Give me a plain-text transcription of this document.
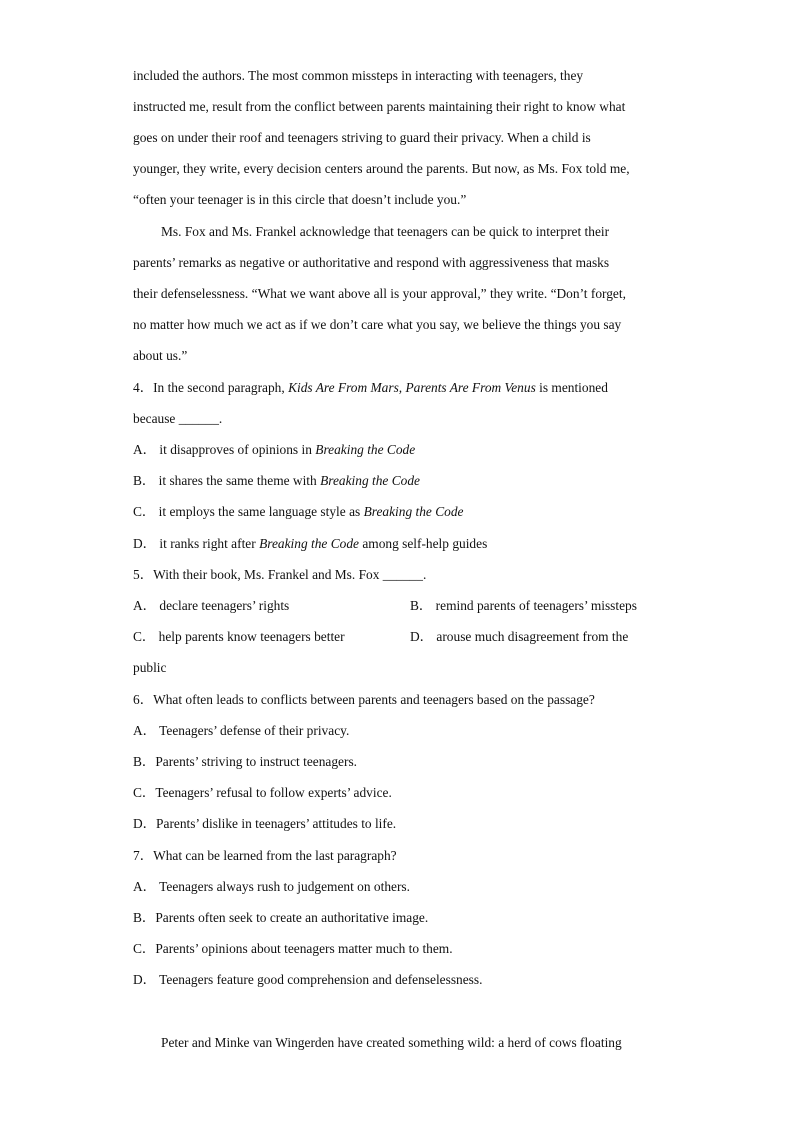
included the authors. The most common missteps in interacting with teenagers, they
instructed me, result from the conflict between parents maintaining their right to know what
goes on under their roof and teenagers striving to guard their privacy. When a child is
younger, they write, every decision centers around the parents. But now, as Ms. Fox told me,
“often your teenager is in this circle that doesn’t include you.”
Ms. Fox and Ms. Frankel acknowledge that teenagers can be quick to interpret their
parents’ remarks as negative or authoritative and respond with aggressiveness that masks
their defenselessness. “What we want above all is your approval,” they write. “Don’t forget,
no matter how much we act as if we don’t care what you say, we believe the things you say
about us.”
4．In the second paragraph, Kids Are From Mars, Parents Are From Venus is mentioned
because ______.
A． it disapproves of opinions in Breaking the Code
B． it shares the same theme with Breaking the Code
C． it employs the same language style as Breaking the Code
D． it ranks right after Breaking the Code among self-help guides
5．With their book, Ms. Frankel and Ms. Fox ______.
A． declare teenagers’ rights	B． remind parents of teenagers’ missteps
C． help parents know teenagers better	D． arouse much disagreement from the
public
6．What often leads to conflicts between parents and teenagers based on the passage?
A． Teenagers’ defense of their privacy.
B．Parents’ striving to instruct teenagers.
C．Teenagers’ refusal to follow experts’ advice.
D．Parents’ dislike in teenagers’ attitudes to life.
7．What can be learned from the last paragraph?
A． Teenagers always rush to judgement on others.
B．Parents often seek to create an authoritative image.
C．Parents’ opinions about teenagers matter much to them.
D． Teenagers feature good comprehension and defenselessness.
Peter and Minke van Wingerden have created something wild: a herd of cows floating
